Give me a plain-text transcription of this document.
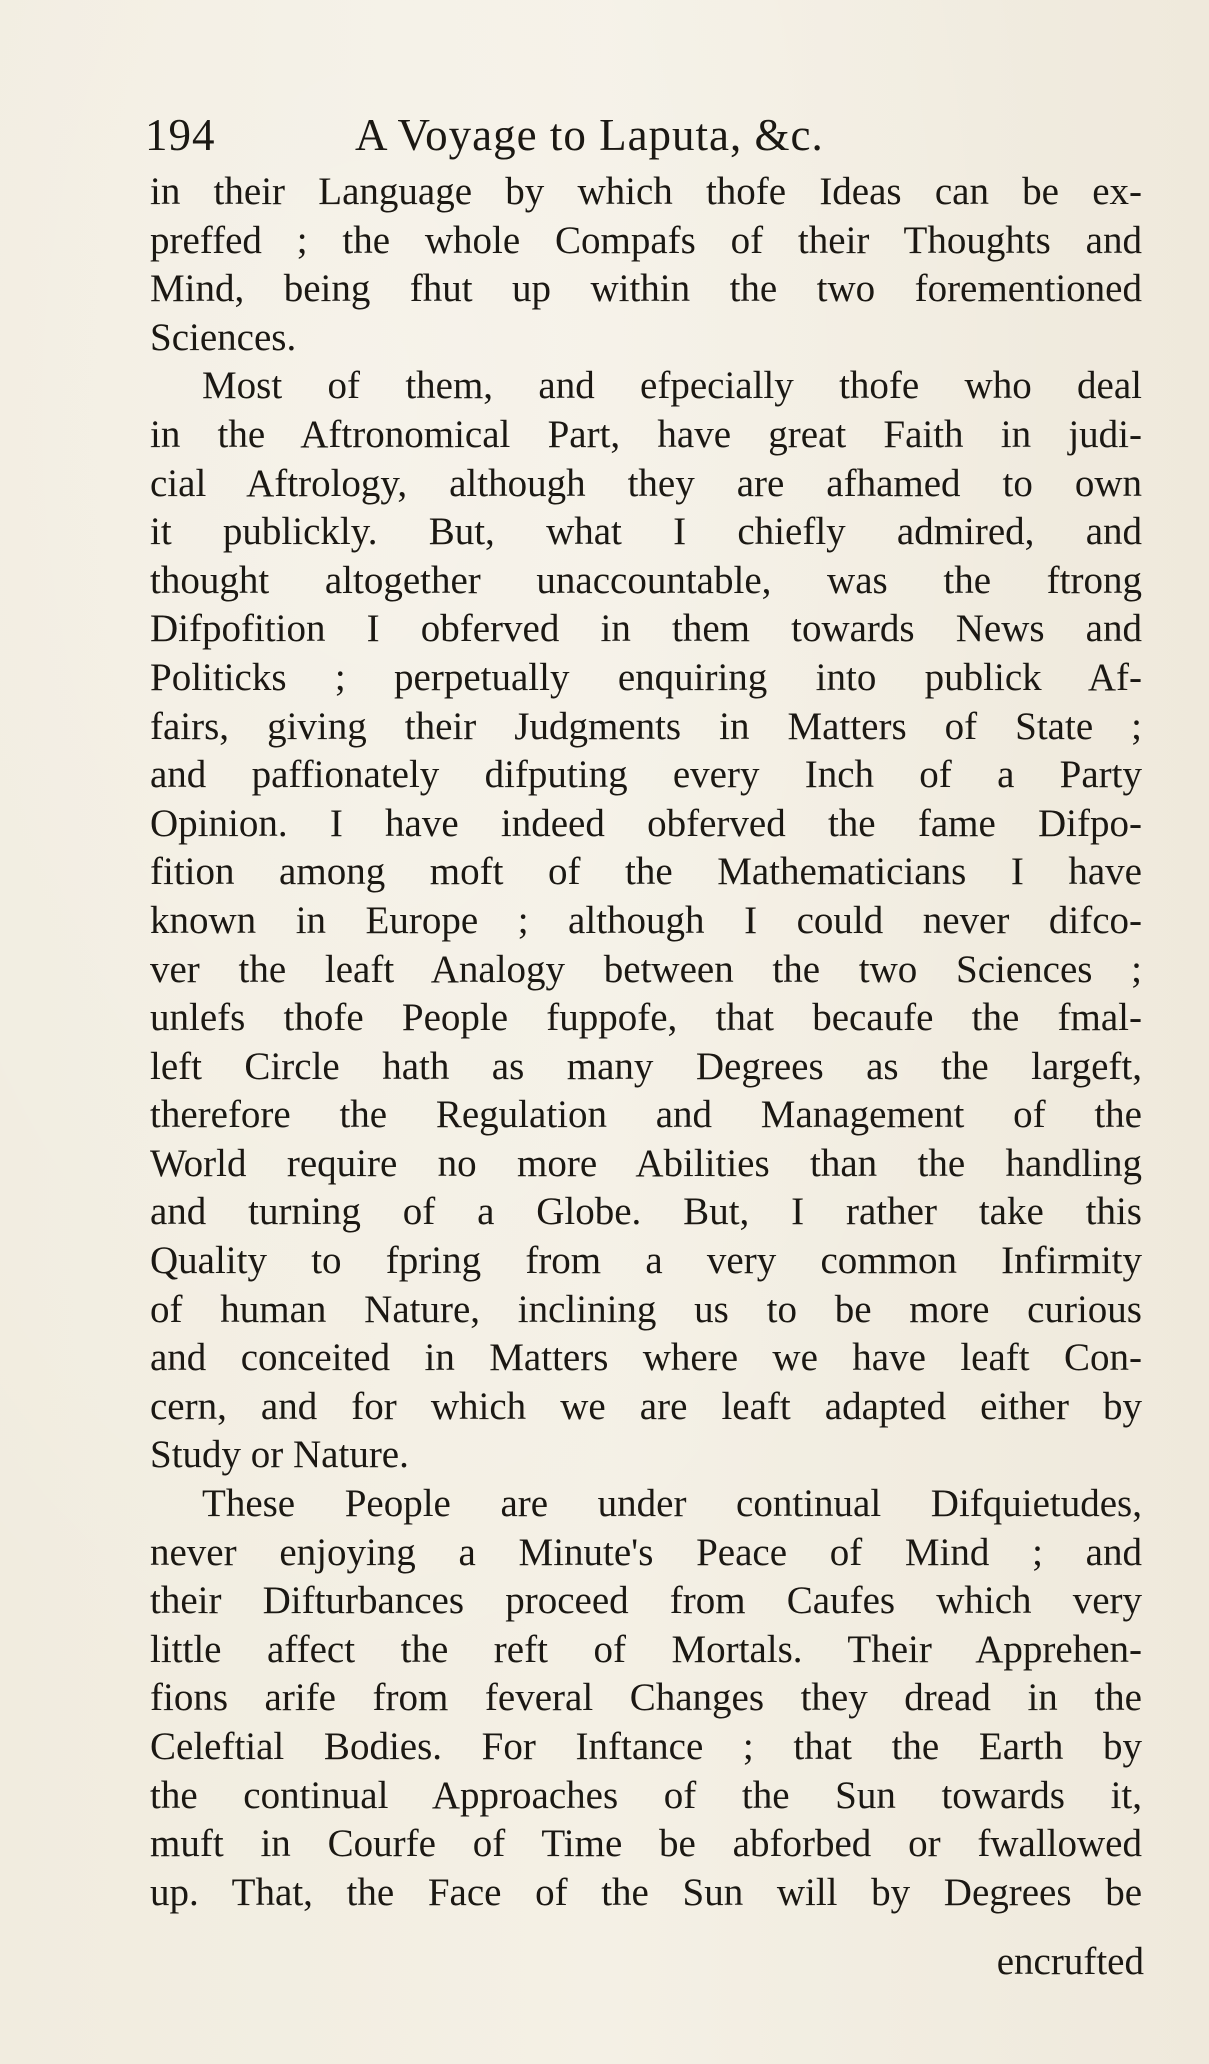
194	A Voyage to Laputa, &c.
in their Language by which thofe Ideas can be ex-
preffed ; the whole Compafs of their Thoughts and
Mind, being fhut up within the two forementioned
Sciences.
Most of them, and efpecially thofe who deal
in the Aftronomical Part, have great Faith in judi-
cial Aftrology, although they are afhamed to own
it publickly. But, what I chiefly admired, and
thought altogether unaccountable, was the ftrong
Difpofition I obferved in them towards News and
Politicks ; perpetually enquiring into publick Af-
fairs, giving their Judgments in Matters of State ;
and paffionately difputing every Inch of a Party
Opinion. I have indeed obferved the fame Difpo-
fition among moft of the Mathematicians I have
known in Europe ; although I could never difco-
ver the leaft Analogy between the two Sciences ;
unlefs thofe People fuppofe, that becaufe the fmal-
left Circle hath as many Degrees as the largeft,
therefore the Regulation and Management of the
World require no more Abilities than the handling
and turning of a Globe. But, I rather take this
Quality to fpring from a very common Infirmity
of human Nature, inclining us to be more curious
and conceited in Matters where we have leaft Con-
cern, and for which we are leaft adapted either by
Study or Nature.
These People are under continual Difquietudes,
never enjoying a Minute's Peace of Mind ; and
their Difturbances proceed from Caufes which very
little affect the reft of Mortals. Their Apprehen-
fions arife from feveral Changes they dread in the
Celeftial Bodies. For Inftance ; that the Earth by
the continual Approaches of the Sun towards it,
muft in Courfe of Time be abforbed or fwallowed
up. That, the Face of the Sun will by Degrees be
encrufted
